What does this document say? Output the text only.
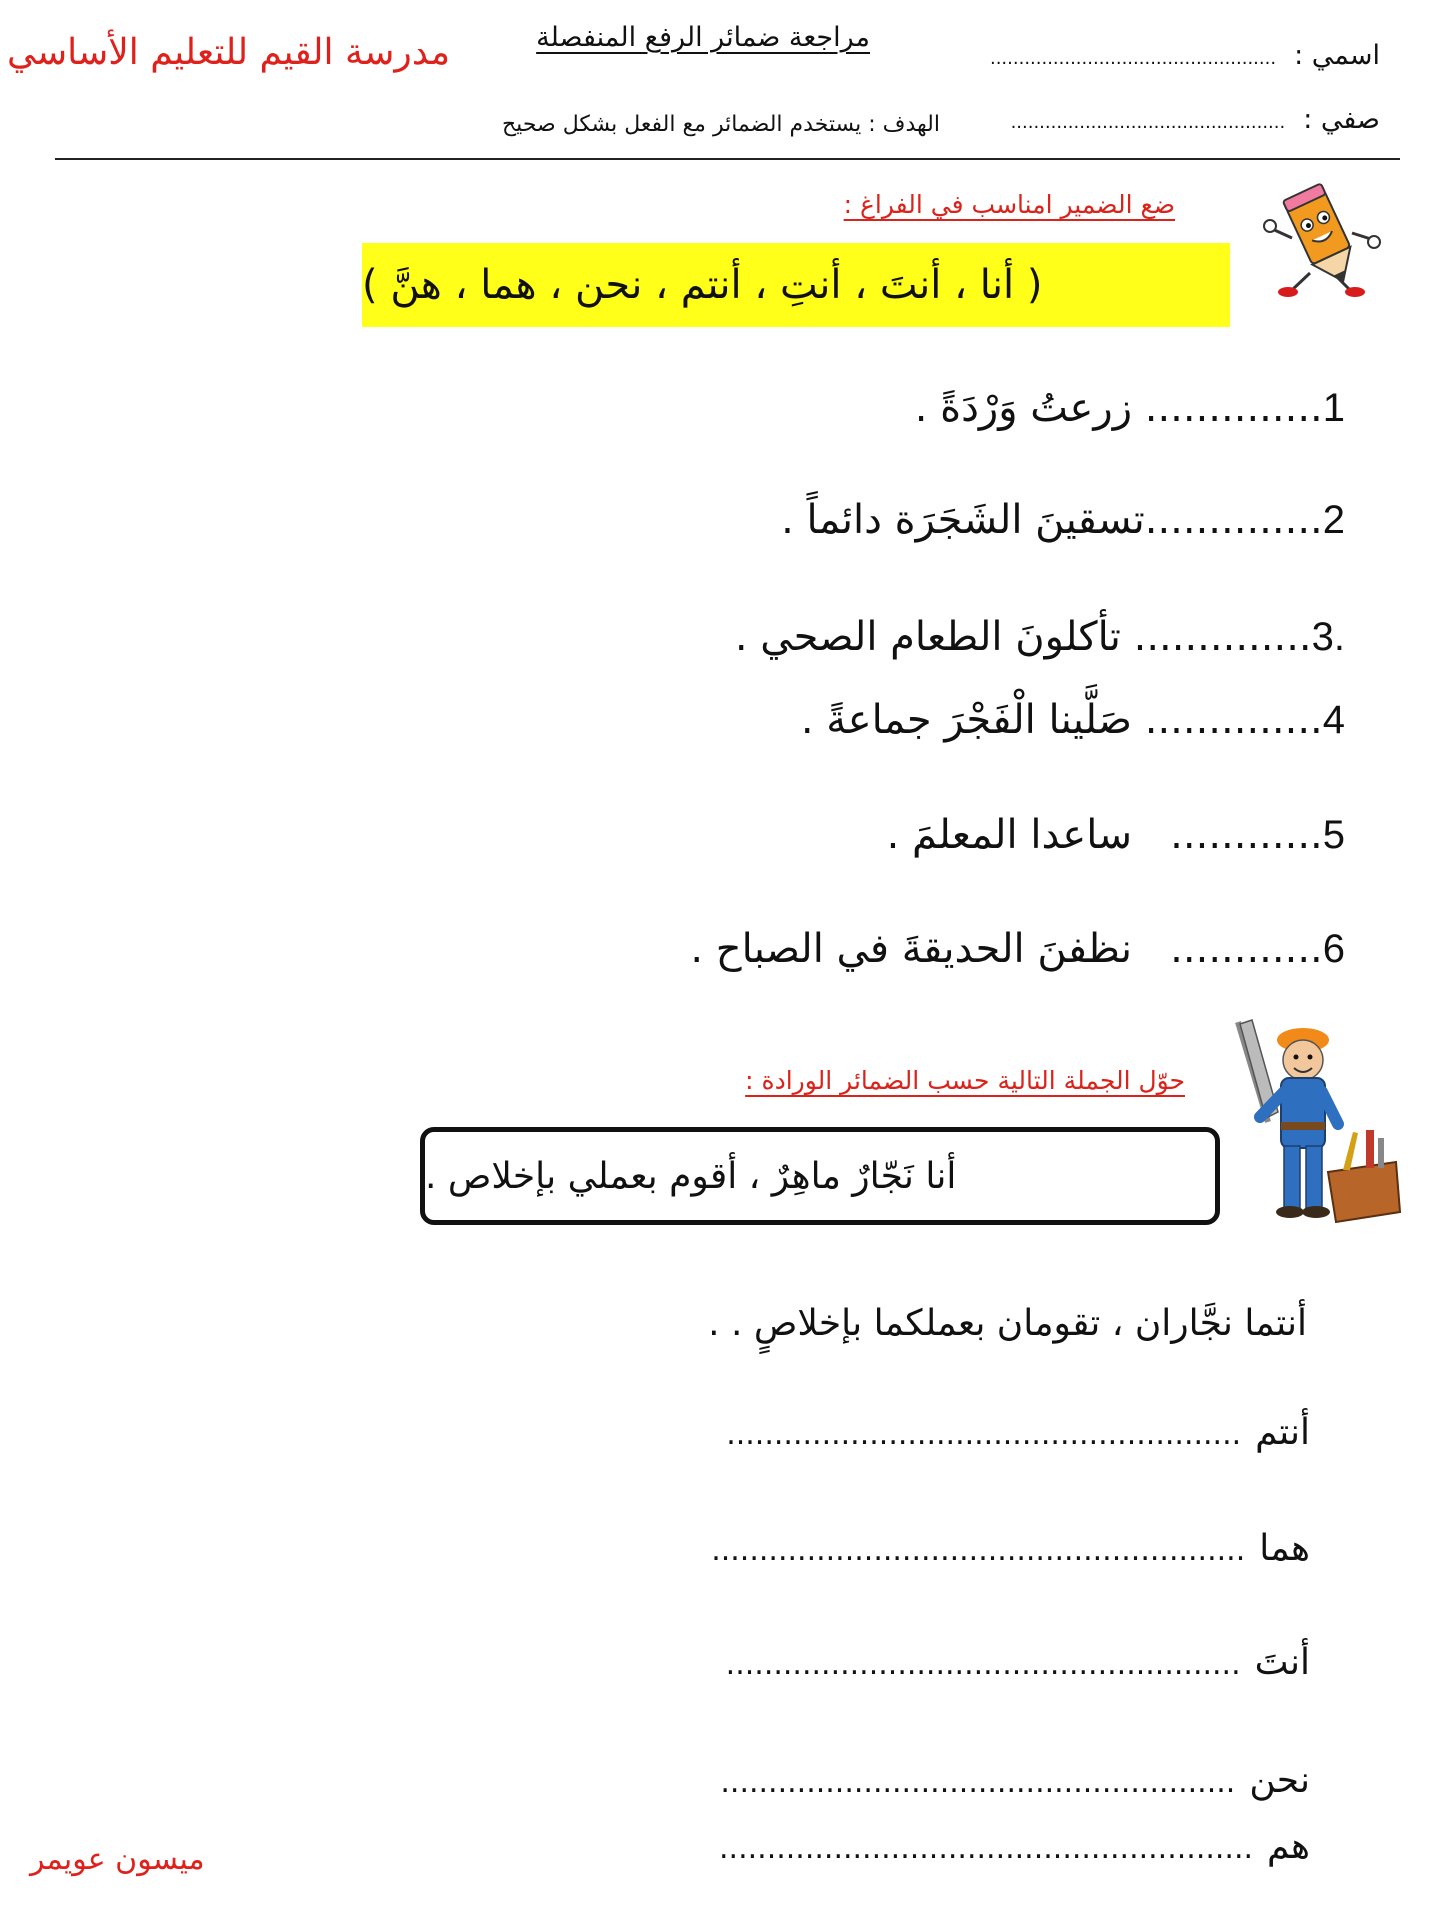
مدرسة القيم للتعليم الأساسي	مراجعة ضمائر الرفع المنفصلة
الهدف : يستخدم الضمائر مع الفعل بشكل صحيح
اسمي :..................................................
صفي :................................................
ضع الضمير امناسب في الفراغ :
( أنا ، أنتَ ، أنتِ ، أنتم ، نحن ، هما ، هنَّ )
1.............. زرعتُ وَرْدَةً .
2..............تسقينَ الشَجَرَة دائماً .
.3.............. تأكلونَ الطعام الصحي .
4.............. صَلَّينا الْفَجْرَ جماعةً .
5............   ساعدا المعلمَ .
6............   نظفنَ الحديقةَ في الصباح .
حوّل الجملة التالية حسب الضمائر الورادة :
أنا نَجّارٌ ماهِرٌ ، أقوم بعملي بإخلاص .
أنتما نجَّاران ، تقومان بعملكما بإخلاصٍ . .
أنتم......................................................
هما........................................................
أنتَ......................................................
نحن......................................................
هم........................................................
ميسون عويمر
